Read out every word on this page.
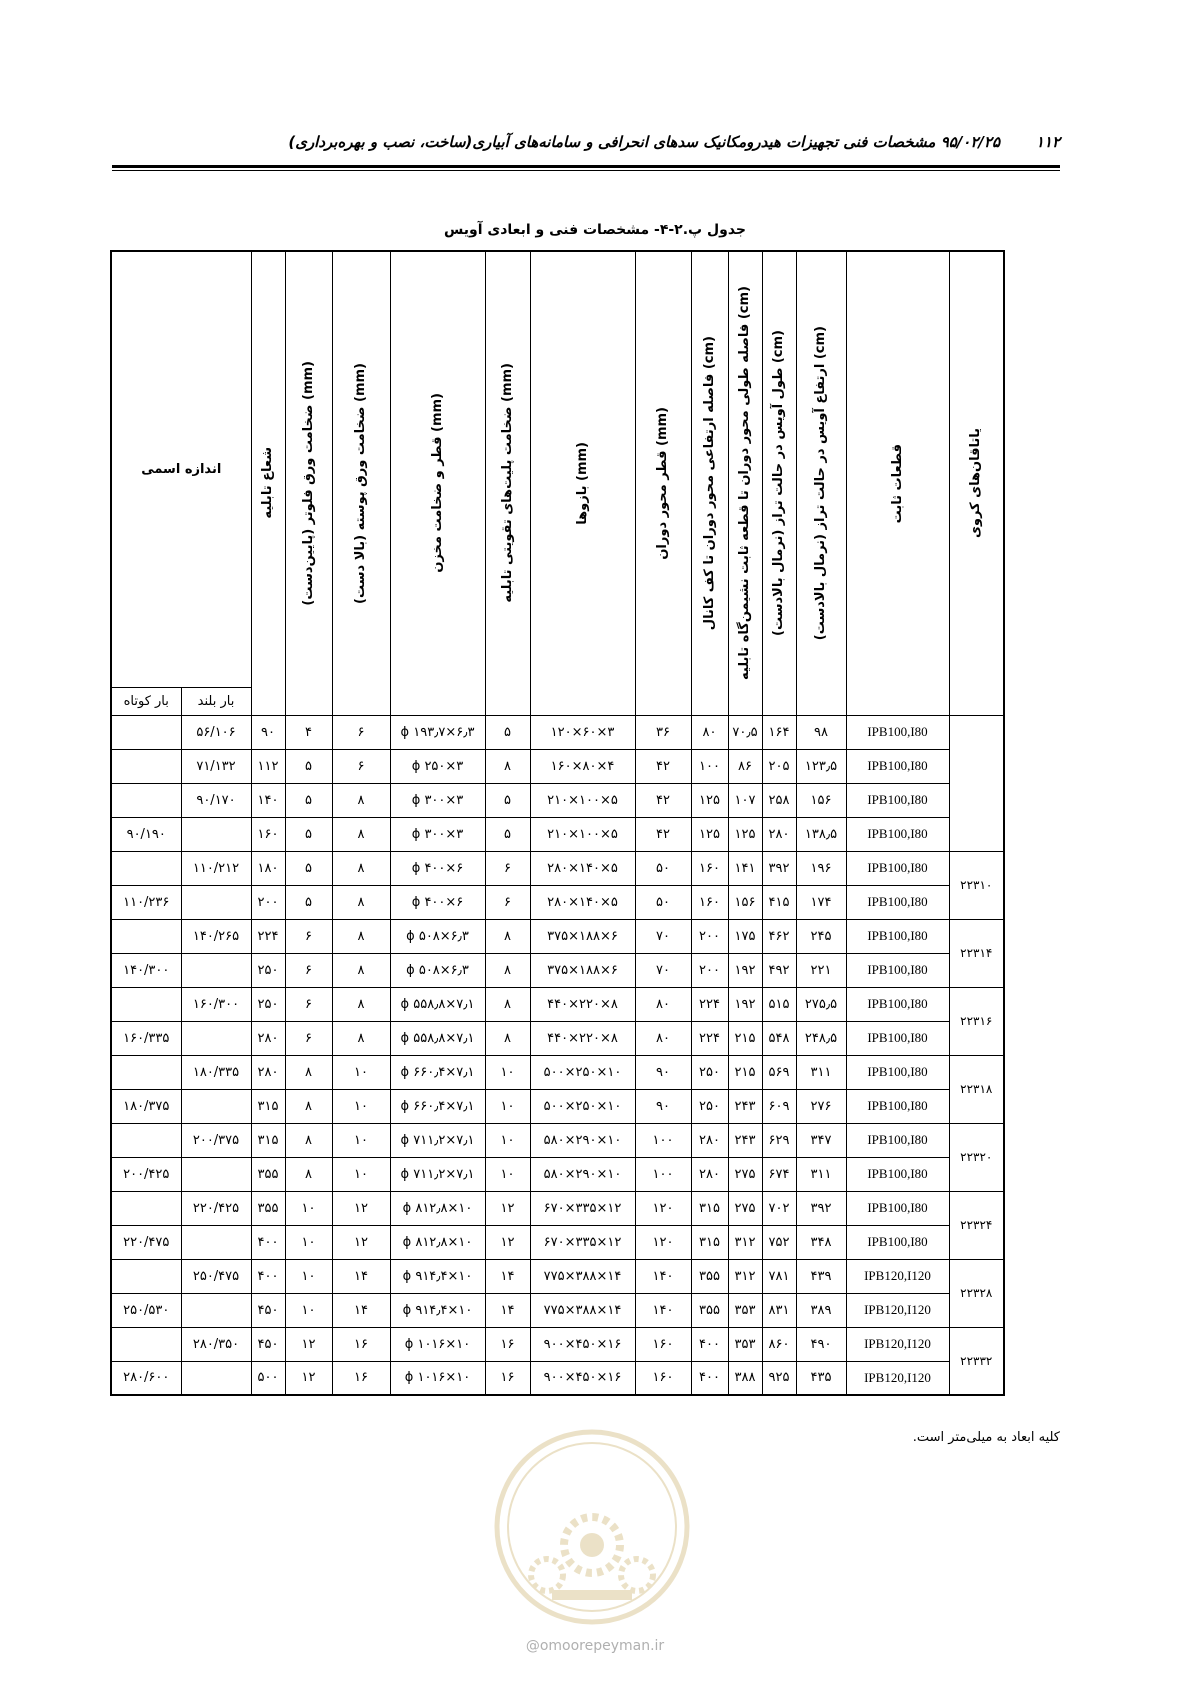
۱۱۲
۹۵/۰۲/۲۵ مشخصات فنی تجهیزات هیدرومکانیک سدهای انحرافی و سامانه‌های آبیاری(ساخت، نصب و بهره‌برداری)
جدول پ.۲-۴- مشخصات فنی و ابعادی آویس
اندازه اسمی		شعاع تابلیه	ضخامت ورق فلوتر (پایین‌دست) (mm)	ضخامت ورق پوسته (بالا دست) (mm)	قطر و ضخامت مخزن (mm)	ضخامت پلیت‌های تقویتی تابلیه (mm)	بازوها (mm)	قطر محور دوران (mm)	فاصله ارتفاعی محور دوران تا کف کانال (cm)	فاصله طولی محور دوران تا قطعه ثابت نشیمن‌گاه تابلیه (cm)	طول آویس در حالت تراز (نرمال بالادست) (cm)	ارتفاع آویس در حالت تراز (نرمال بالادست) (cm)	قطعات ثابت	یاتاقان‌های کروی

بار کوتاه	بار بلند													
	۵۶/۱۰۶	۹۰	۴	۶	ϕ ۱۹۳٫۷×۶٫۳	۵	۱۲۰×۶۰×۳	۳۶	۸۰	۷۰٫۵	۱۶۴	۹۸	IPB100,I80	
	۷۱/۱۳۲	۱۱۲	۵	۶	ϕ ۲۵۰×۳	۸	۱۶۰×۸۰×۴	۴۲	۱۰۰	۸۶	۲۰۵	۱۲۳٫۵	IPB100,I80	
	۹۰/۱۷۰	۱۴۰	۵	۸	ϕ ۳۰۰×۳	۵	۲۱۰×۱۰۰×۵	۴۲	۱۲۵	۱۰۷	۲۵۸	۱۵۶	IPB100,I80	
۹۰/۱۹۰		۱۶۰	۵	۸	ϕ ۳۰۰×۳	۵	۲۱۰×۱۰۰×۵	۴۲	۱۲۵	۱۲۵	۲۸۰	۱۳۸٫۵	IPB100,I80	
	۱۱۰/۲۱۲	۱۸۰	۵	۸	ϕ ۴۰۰×۶	۶	۲۸۰×۱۴۰×۵	۵۰	۱۶۰	۱۴۱	۳۹۲	۱۹۶	IPB100,I80	۲۲۳۱۰
۱۱۰/۲۳۶		۲۰۰	۵	۸	ϕ ۴۰۰×۶	۶	۲۸۰×۱۴۰×۵	۵۰	۱۶۰	۱۵۶	۴۱۵	۱۷۴	IPB100,I80	
	۱۴۰/۲۶۵	۲۲۴	۶	۸	ϕ ۵۰۸×۶٫۳	۸	۳۷۵×۱۸۸×۶	۷۰	۲۰۰	۱۷۵	۴۶۲	۲۴۵	IPB100,I80	۲۲۳۱۴
۱۴۰/۳۰۰		۲۵۰	۶	۸	ϕ ۵۰۸×۶٫۳	۸	۳۷۵×۱۸۸×۶	۷۰	۲۰۰	۱۹۲	۴۹۲	۲۲۱	IPB100,I80	
	۱۶۰/۳۰۰	۲۵۰	۶	۸	ϕ ۵۵۸٫۸×۷٫۱	۸	۴۴۰×۲۲۰×۸	۸۰	۲۲۴	۱۹۲	۵۱۵	۲۷۵٫۵	IPB100,I80	۲۲۳۱۶
۱۶۰/۳۳۵		۲۸۰	۶	۸	ϕ ۵۵۸٫۸×۷٫۱	۸	۴۴۰×۲۲۰×۸	۸۰	۲۲۴	۲۱۵	۵۴۸	۲۴۸٫۵	IPB100,I80	
	۱۸۰/۳۳۵	۲۸۰	۸	۱۰	ϕ ۶۶۰٫۴×۷٫۱	۱۰	۵۰۰×۲۵۰×۱۰	۹۰	۲۵۰	۲۱۵	۵۶۹	۳۱۱	IPB100,I80	۲۲۳۱۸
۱۸۰/۳۷۵		۳۱۵	۸	۱۰	ϕ ۶۶۰٫۴×۷٫۱	۱۰	۵۰۰×۲۵۰×۱۰	۹۰	۲۵۰	۲۴۳	۶۰۹	۲۷۶	IPB100,I80	
	۲۰۰/۳۷۵	۳۱۵	۸	۱۰	ϕ ۷۱۱٫۲×۷٫۱	۱۰	۵۸۰×۲۹۰×۱۰	۱۰۰	۲۸۰	۲۴۳	۶۲۹	۳۴۷	IPB100,I80	۲۲۳۲۰
۲۰۰/۴۲۵		۳۵۵	۸	۱۰	ϕ ۷۱۱٫۲×۷٫۱	۱۰	۵۸۰×۲۹۰×۱۰	۱۰۰	۲۸۰	۲۷۵	۶۷۴	۳۱۱	IPB100,I80	
	۲۲۰/۴۲۵	۳۵۵	۱۰	۱۲	ϕ ۸۱۲٫۸×۱۰	۱۲	۶۷۰×۳۳۵×۱۲	۱۲۰	۳۱۵	۲۷۵	۷۰۲	۳۹۲	IPB100,I80	۲۲۳۲۴
۲۲۰/۴۷۵		۴۰۰	۱۰	۱۲	ϕ ۸۱۲٫۸×۱۰	۱۲	۶۷۰×۳۳۵×۱۲	۱۲۰	۳۱۵	۳۱۲	۷۵۲	۳۴۸	IPB100,I80	
	۲۵۰/۴۷۵	۴۰۰	۱۰	۱۴	ϕ ۹۱۴٫۴×۱۰	۱۴	۷۷۵×۳۸۸×۱۴	۱۴۰	۳۵۵	۳۱۲	۷۸۱	۴۳۹	IPB120,I120	۲۲۳۲۸
۲۵۰/۵۳۰		۴۵۰	۱۰	۱۴	ϕ ۹۱۴٫۴×۱۰	۱۴	۷۷۵×۳۸۸×۱۴	۱۴۰	۳۵۵	۳۵۳	۸۳۱	۳۸۹	IPB120,I120	
	۲۸۰/۳۵۰	۴۵۰	۱۲	۱۶	ϕ ۱۰۱۶×۱۰	۱۶	۹۰۰×۴۵۰×۱۶	۱۶۰	۴۰۰	۳۵۳	۸۶۰	۴۹۰	IPB120,I120	۲۲۳۳۲
۲۸۰/۶۰۰		۵۰۰	۱۲	۱۶	ϕ ۱۰۱۶×۱۰	۱۶	۹۰۰×۴۵۰×۱۶	۱۶۰	۴۰۰	۳۸۸	۹۲۵	۴۳۵	IPB120,I120	
کلیه ابعاد به میلی‌متر است.
@omoorepeyman.ir
